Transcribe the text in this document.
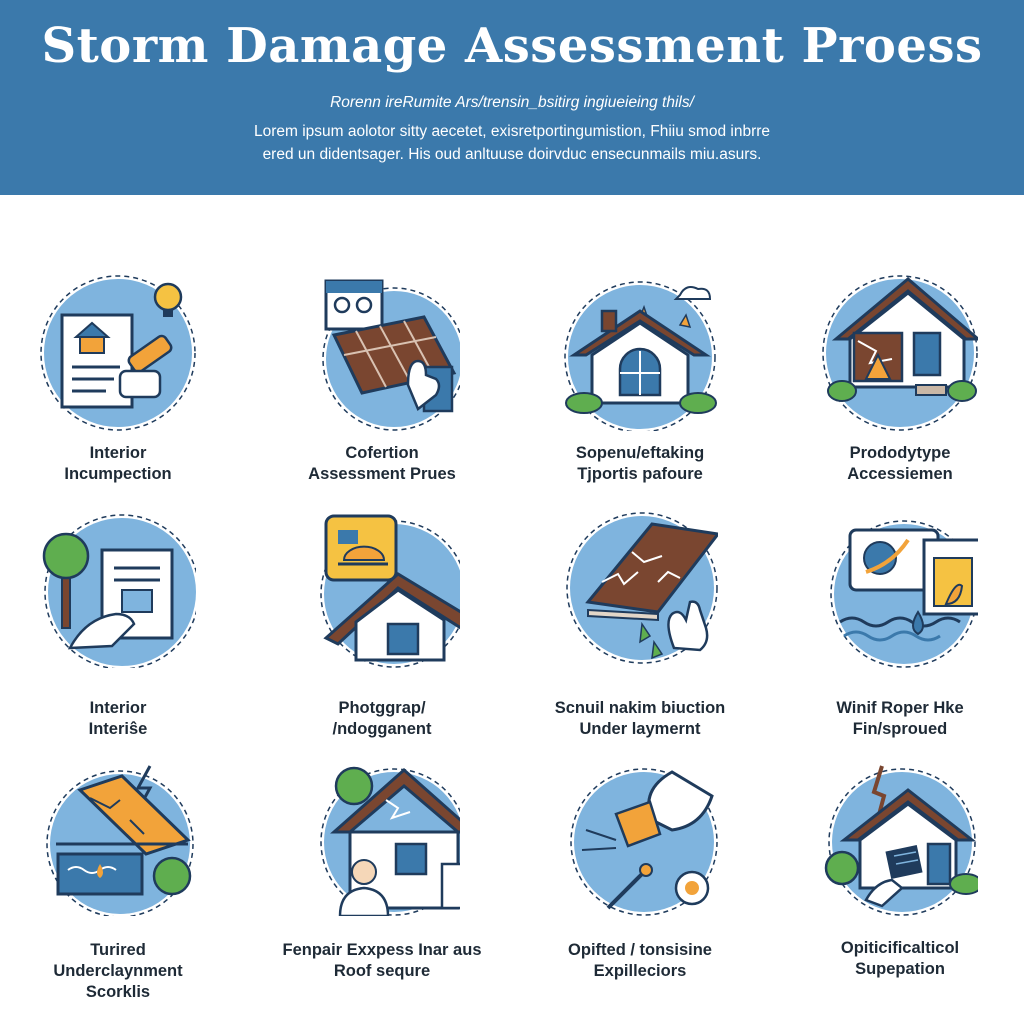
Storm Damage Assessment Proess
Rorenn ireRumite Ars/trensin_bsitirg ingiueieing thils/
Lorem ipsum aolotor sitty aecetet, exisretportingumistion, Fhiiu smod inbrre
ered un didentsager. His oud anltuuse doirvduc ensecunmails miu.asurs.
Interior
Incumpection
Cofertion
Assessment Prues
Sopenu/eftaking
Tjportis pafoure
Prododytype
Accessiemen
Interior
Interiŝe
Photggrap/
/ndogganent
Scnuil nakim biuction
Under laymernt
Winif Roper Hke
Fin/sproued
Turired
Underclaynment
Scorklis
Fenpair Exxpess Inar aus
Roof sequre
Opifted / tonsisine
Expilleciors
Opiticificalticol
Supepation
